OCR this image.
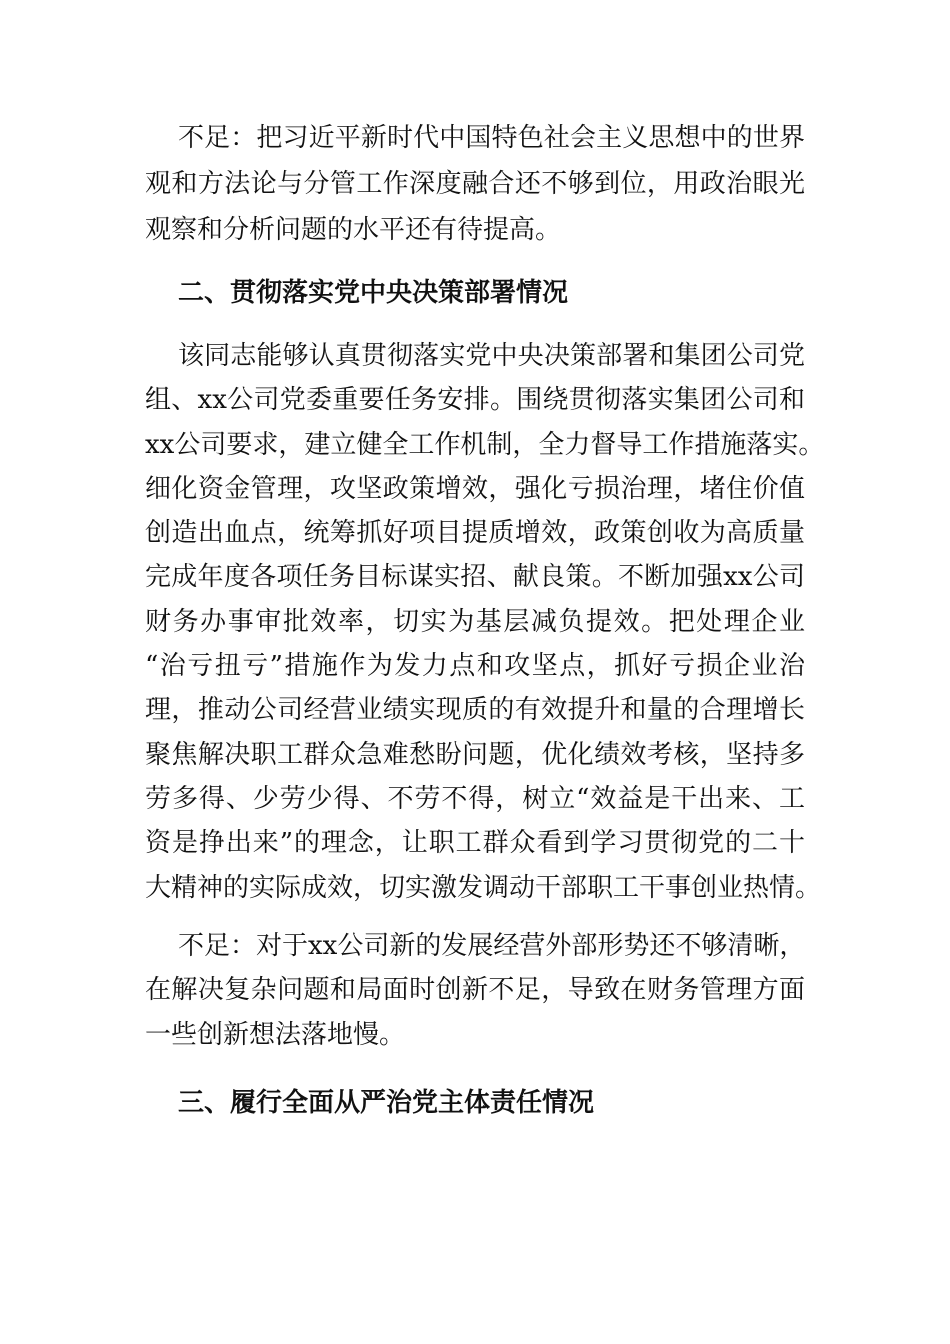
不足：把习近平新时代中国特色社会主义思想中的世界
观和方法论与分管工作深度融合还不够到位，用政治眼光
观察和分析问题的水平还有待提高。
二、贯彻落实党中央决策部署情况
该同志能够认真贯彻落实党中央决策部署和集团公司党
组、xx公司党委重要任务安排。围绕贯彻落实集团公司和
xx公司要求，建立健全工作机制，全力督导工作措施落实。
细化资金管理，攻坚政策增效，强化亏损治理，堵住价值
创造出血点，统筹抓好项目提质增效，政策创收为高质量
完成年度各项任务目标谋实招、献良策。不断加强xx公司
财务办事审批效率，切实为基层减负提效。把处理企业
“治亏扭亏”措施作为发力点和攻坚点，抓好亏损企业治
理，推动公司经营业绩实现质的有效提升和量的合理增长
聚焦解决职工群众急难愁盼问题，优化绩效考核，坚持多
劳多得、少劳少得、不劳不得，树立“效益是干出来、工
资是挣出来”的理念，让职工群众看到学习贯彻党的二十
大精神的实际成效，切实激发调动干部职工干事创业热情。
不足：对于xx公司新的发展经营外部形势还不够清晰，
在解决复杂问题和局面时创新不足，导致在财务管理方面
一些创新想法落地慢。
三、履行全面从严治党主体责任情况
